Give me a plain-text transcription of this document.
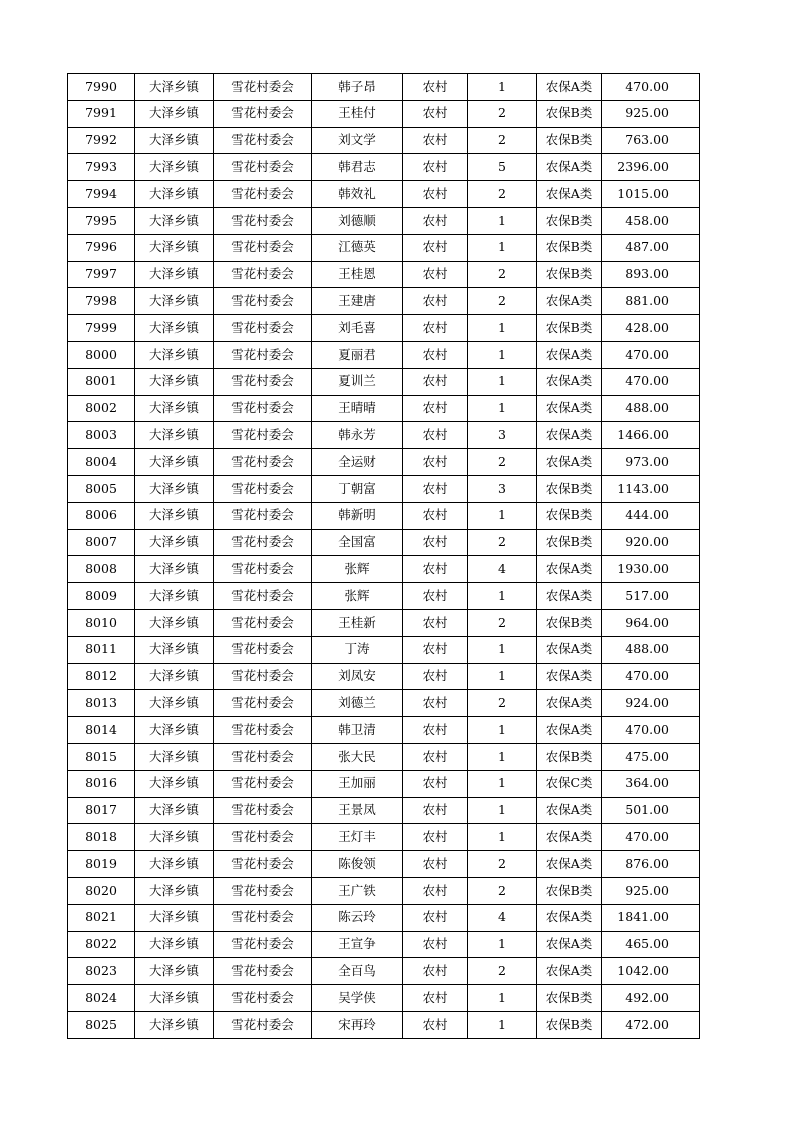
7990	大泽乡镇	雪花村委会	韩子昂	农村	1	农保A类	470.00
7991	大泽乡镇	雪花村委会	王桂付	农村	2	农保B类	925.00
7992	大泽乡镇	雪花村委会	刘文学	农村	2	农保B类	763.00
7993	大泽乡镇	雪花村委会	韩君志	农村	5	农保A类	2396.00
7994	大泽乡镇	雪花村委会	韩效礼	农村	2	农保A类	1015.00
7995	大泽乡镇	雪花村委会	刘德顺	农村	1	农保B类	458.00
7996	大泽乡镇	雪花村委会	江德英	农村	1	农保B类	487.00
7997	大泽乡镇	雪花村委会	王桂恩	农村	2	农保B类	893.00
7998	大泽乡镇	雪花村委会	王建唐	农村	2	农保A类	881.00
7999	大泽乡镇	雪花村委会	刘毛喜	农村	1	农保B类	428.00
8000	大泽乡镇	雪花村委会	夏丽君	农村	1	农保A类	470.00
8001	大泽乡镇	雪花村委会	夏训兰	农村	1	农保A类	470.00
8002	大泽乡镇	雪花村委会	王晴晴	农村	1	农保A类	488.00
8003	大泽乡镇	雪花村委会	韩永芳	农村	3	农保A类	1466.00
8004	大泽乡镇	雪花村委会	全运财	农村	2	农保A类	973.00
8005	大泽乡镇	雪花村委会	丁朝富	农村	3	农保B类	1143.00
8006	大泽乡镇	雪花村委会	韩新明	农村	1	农保B类	444.00
8007	大泽乡镇	雪花村委会	全国富	农村	2	农保B类	920.00
8008	大泽乡镇	雪花村委会	张辉	农村	4	农保A类	1930.00
8009	大泽乡镇	雪花村委会	张辉	农村	1	农保A类	517.00
8010	大泽乡镇	雪花村委会	王桂新	农村	2	农保B类	964.00
8011	大泽乡镇	雪花村委会	丁涛	农村	1	农保A类	488.00
8012	大泽乡镇	雪花村委会	刘凤安	农村	1	农保A类	470.00
8013	大泽乡镇	雪花村委会	刘德兰	农村	2	农保A类	924.00
8014	大泽乡镇	雪花村委会	韩卫清	农村	1	农保A类	470.00
8015	大泽乡镇	雪花村委会	张大民	农村	1	农保B类	475.00
8016	大泽乡镇	雪花村委会	王加丽	农村	1	农保C类	364.00
8017	大泽乡镇	雪花村委会	王景凤	农村	1	农保A类	501.00
8018	大泽乡镇	雪花村委会	王灯丰	农村	1	农保A类	470.00
8019	大泽乡镇	雪花村委会	陈俊领	农村	2	农保A类	876.00
8020	大泽乡镇	雪花村委会	王广铁	农村	2	农保B类	925.00
8021	大泽乡镇	雪花村委会	陈云玲	农村	4	农保A类	1841.00
8022	大泽乡镇	雪花村委会	王宣争	农村	1	农保A类	465.00
8023	大泽乡镇	雪花村委会	全百鸟	农村	2	农保A类	1042.00
8024	大泽乡镇	雪花村委会	吴学侠	农村	1	农保B类	492.00
8025	大泽乡镇	雪花村委会	宋再玲	农村	1	农保B类	472.00
